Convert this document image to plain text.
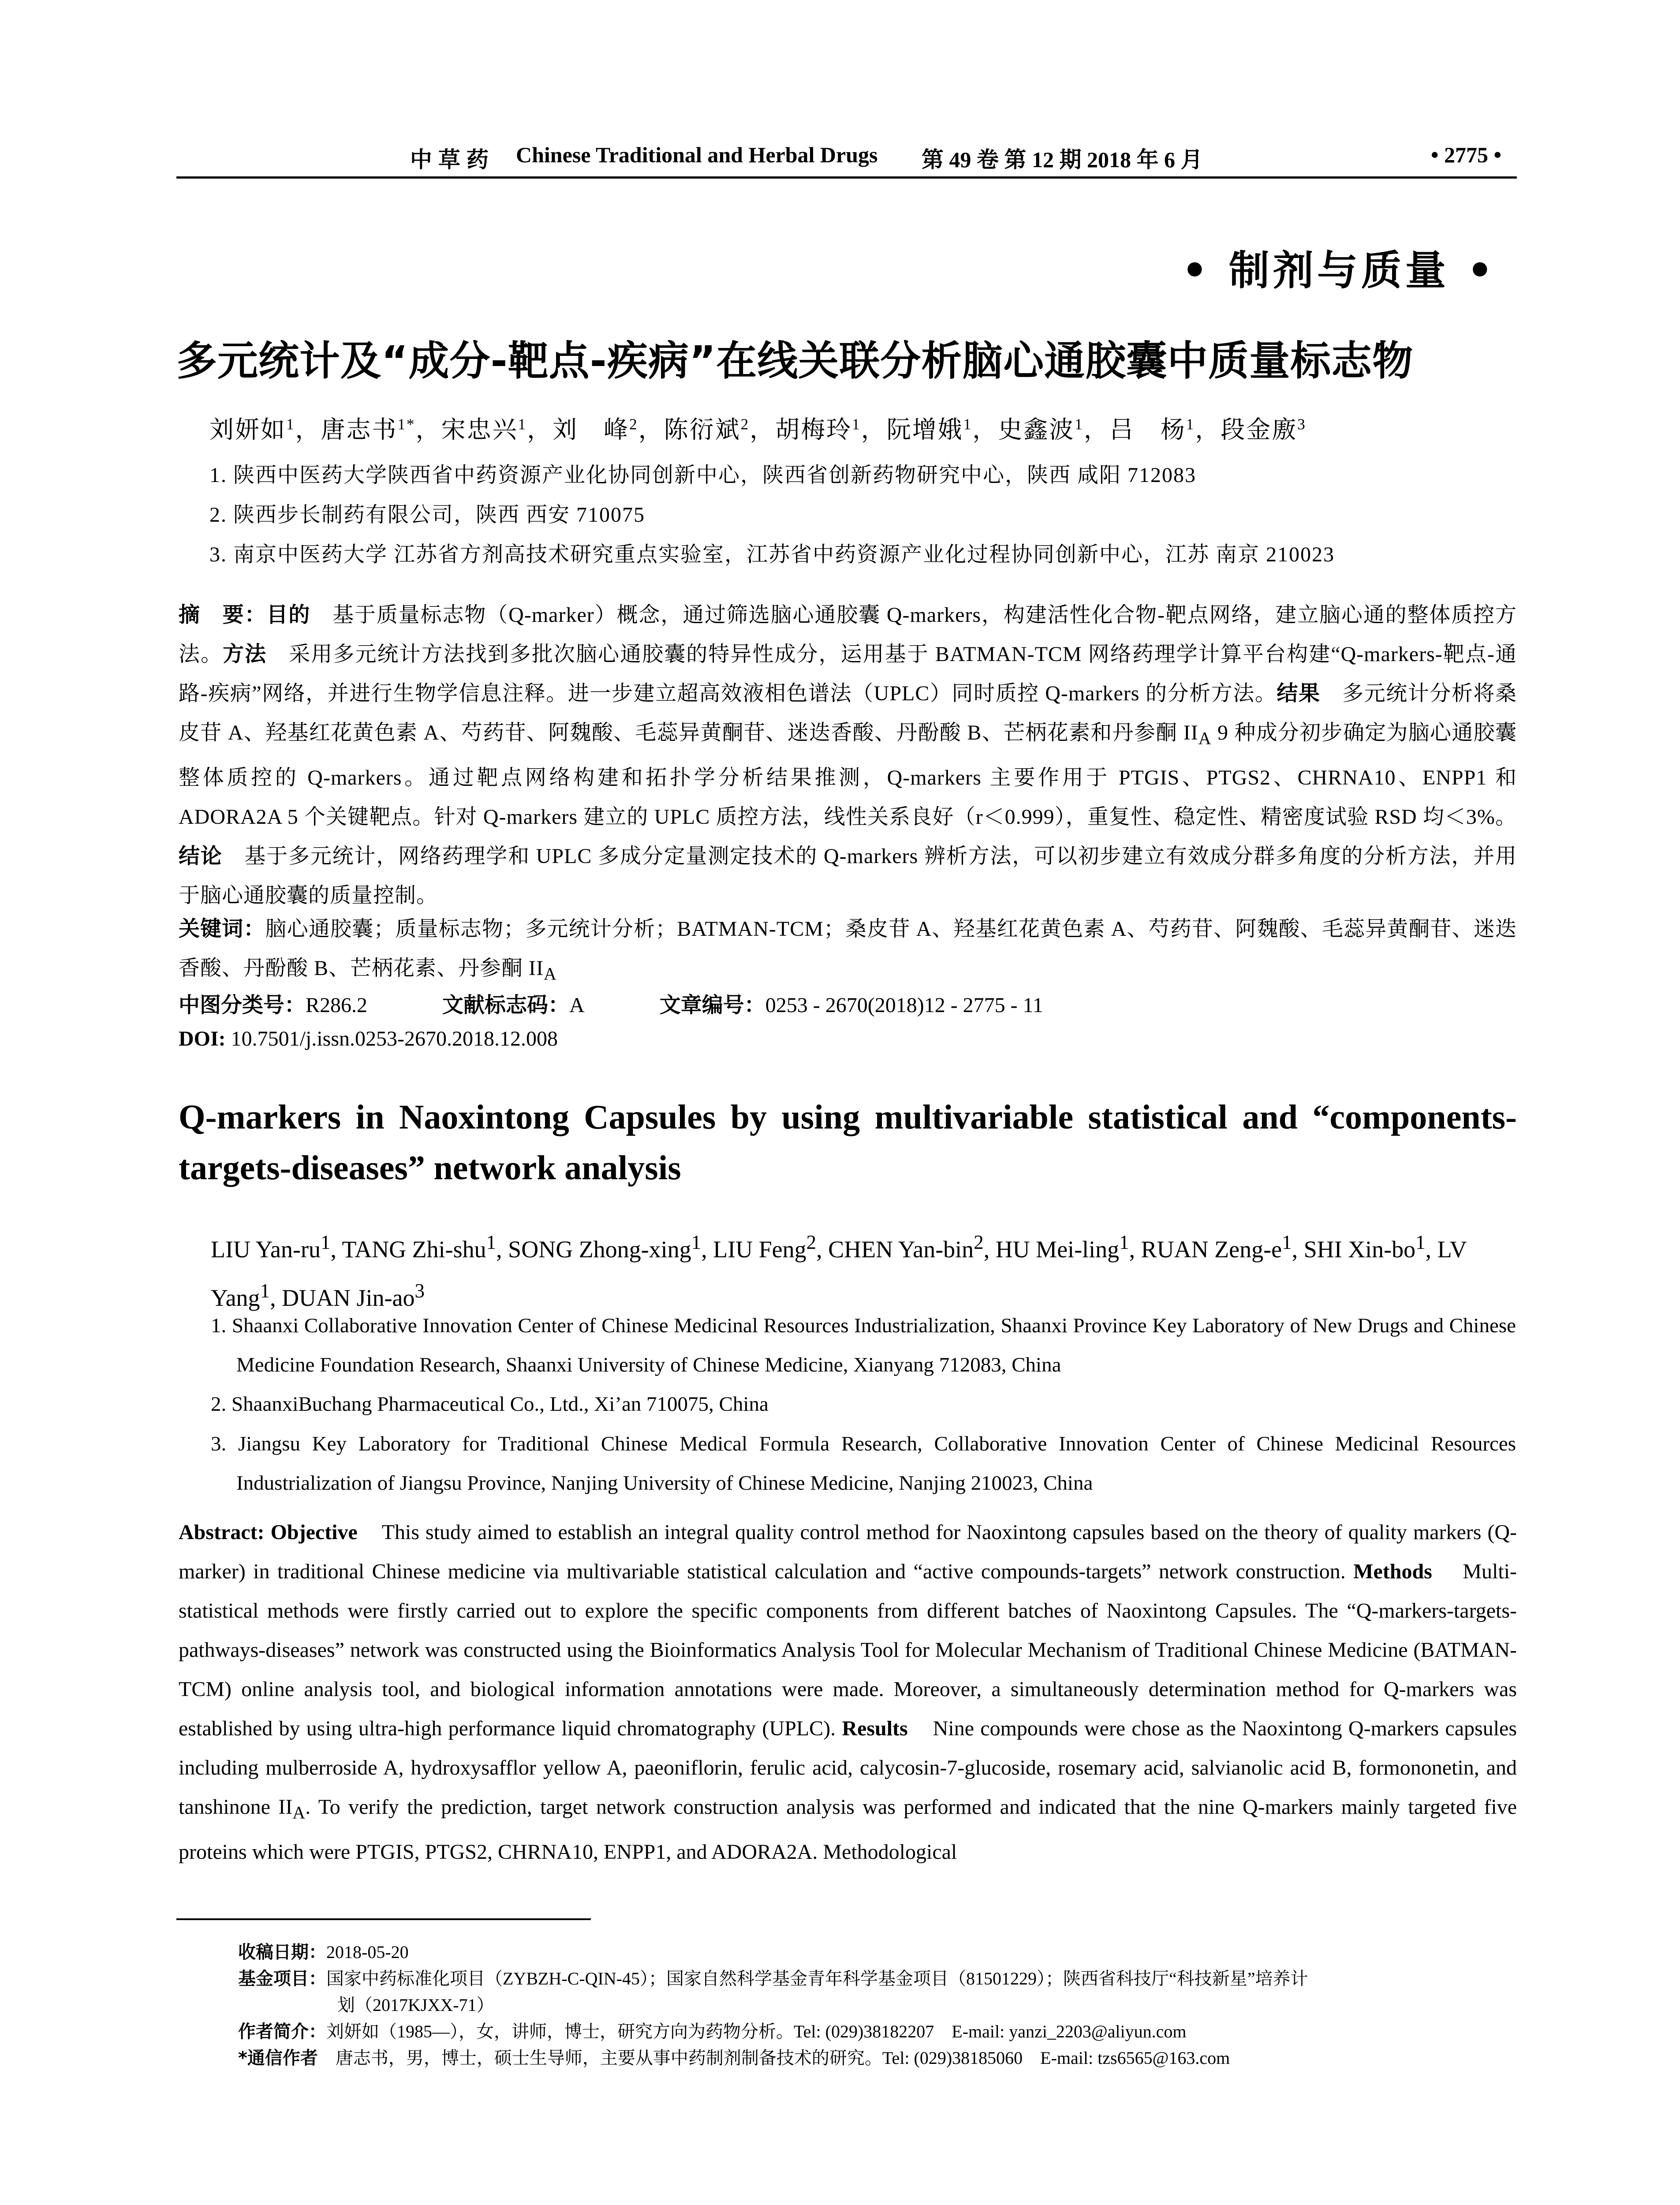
中草药 Chinese Traditional and Herbal Drugs 第 49 卷 第 12 期 2018 年 6 月	• 2775 •
• 制剂与质量 •
多元统计及“成分-靶点-疾病”在线关联分析脑心通胶囊中质量标志物
刘妍如$^1$，唐志书$^{1*}$，宋忠兴$^1$，刘　峰$^2$，陈衍斌$^2$，胡梅玲$^1$，阮增娥$^1$，史鑫波$^1$，吕　杨$^1$，段金廒$^3$
1. 陕西中医药大学陕西省中药资源产业化协同创新中心，陕西省创新药物研究中心，陕西 咸阳 712083
2. 陕西步长制药有限公司，陕西 西安 710075
3. 南京中医药大学 江苏省方剂高技术研究重点实验室，江苏省中药资源产业化过程协同创新中心，江苏 南京 210023
摘　要：目的　 基于质量标志物（Q-marker）概念，通过筛选脑心通胶囊 Q-markers，构建活性化合物-靶点网络，建立脑心通的整体质控方法。方法　 采用多元统计方法找到多批次脑心通胶囊的特异性成分，运用基于 BATMAN-TCM 网络药理学计算平台构建“Q-markers-靶点-通路-疾病”网络，并进行生物学信息注释。进一步建立超高效液相色谱法（UPLC）同时质控 Q-markers 的分析方法。结果　 多元统计分析将桑皮苷 A、羟基红花黄色素 A、芍药苷、阿魏酸、毛蕊异黄酮苷、迷迭香酸、丹酚酸 B、芒柄花素和丹参酮 $II_A$ 9 种成分初步确定为脑心通胶囊整体质控的 Q-markers。通过靶点网络构建和拓扑学分析结果推测，Q-markers 主要作用于 PTGIS、PTGS2、CHRNA10、ENPP1 和 ADORA2A 5 个关键靶点。针对 Q-markers 建立的 UPLC 质控方法，线性关系良好（r＜0.999），重复性、稳定性、精密度试验 RSD 均＜3%。结论　 基于多元统计，网络药理学和 UPLC 多成分定量测定技术的 Q-markers 辨析方法，可以初步建立有效成分群多角度的分析方法，并用于脑心通胶囊的质量控制。
关键词：脑心通胶囊；质量标志物；多元统计分析；BATMAN-TCM；桑皮苷 A、羟基红花黄色素 A、芍药苷、阿魏酸、毛蕊异黄酮苷、迷迭香酸、丹酚酸 B、芒柄花素、丹参酮 $II_A$
中图分类号：R286.2	文献标志码：A	文章编号：0253 - 2670(2018)12 - 2775 - 11
DOI: 10.7501/j.issn.0253-2670.2018.12.008
Q-markers in Naoxintong Capsules by using multivariable statistical and “components-targets-diseases” network analysis
LIU Yan-$ru^1$, TANG Zhi-shu$^1$, SONG Zhong-xing$^1$, LIU Feng$^2$, CHEN Yan-bin$^2$, HU Mei-ling$^1$, RUAN Zeng-$e^1$, SHI Xin-$bo^1$, LV Yang$^1$, DUAN Jin-$ao^3$
1. Shaanxi Collaborative Innovation Center of Chinese Medicinal Resources Industrialization, Shaanxi Province Key Laboratory of New Drugs and Chinese Medicine Foundation Research, Shaanxi University of Chinese Medicine, Xianyang 712083, China
2. ShaanxiBuchang Pharmaceutical Co., Ltd., Xi’an 710075, China
3. Jiangsu Key Laboratory for Traditional Chinese Medical Formula Research, Collaborative Innovation Center of Chinese Medicinal Resources Industrialization of Jiangsu Province, Nanjing University of Chinese Medicine, Nanjing 210023, China
Abstract: Objective This study aimed to establish an integral quality control method for Naoxintong capsules based on the theory of quality markers (Q-marker) in traditional Chinese medicine via multivariable statistical calculation and “active compounds-targets” network construction. Methods Multi-statistical methods were firstly carried out to explore the specific components from different batches of Naoxintong Capsules. The “Q-markers-targets-pathways-diseases” network was constructed using the Bioinformatics Analysis Tool for Molecular Mechanism of Traditional Chinese Medicine (BATMAN-TCM) online analysis tool, and biological information annotations were made. Moreover, a simultaneously determination method for Q-markers was established by using ultra-high performance liquid chromatography (UPLC). Results Nine compounds were chose as the Naoxintong Q-markers capsules including mulberroside A, hydroxysafflor yellow A, paeoniflorin, ferulic acid, calycosin-7-glucoside, rosemary acid, salvianolic acid B, formononetin, and tanshinone $II_A$. To verify the prediction, target network construction analysis was performed and indicated that the nine Q-markers mainly targeted five proteins which were PTGIS, PTGS2, CHRNA10, ENPP1, and ADORA2A. Methodological
收稿日期：2018-05-20
基金项目：国家中药标准化项目（ZYBZH-C-QIN-45）；国家自然科学基金青年科学基金项目（81501229）；陕西省科技厅“科技新星”培养计
划（2017KJXX-71）
作者简介：刘妍如（1985—），女，讲师，博士，研究方向为药物分析。Tel: (029)38182207　E-mail: yanzi_2203@aliyun.com
*通信作者　 唐志书，男，博士，硕士生导师，主要从事中药制剂制备技术的研究。Tel: (029)38185060　E-mail: tzs6565@163.com
